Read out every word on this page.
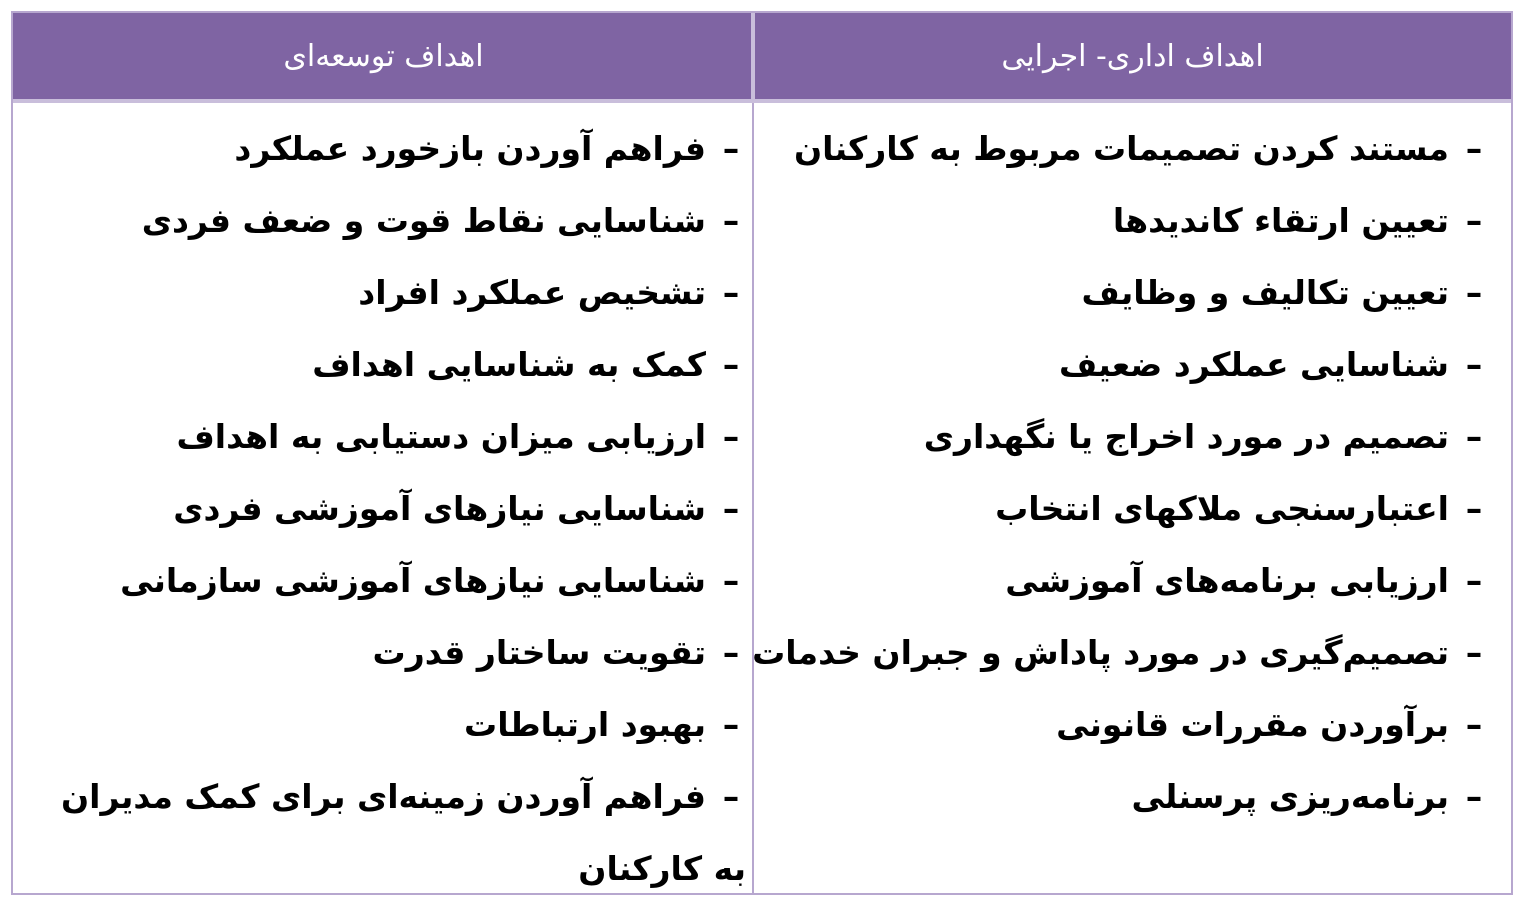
اهداف توسعه‌ای	اهداف اداری- اجرایی
–مستند کردن تصمیمات مربوط به کارکنان
–تعیین ارتقاء کاندیدها
–تعیین تکالیف و وظایف
–شناسایی عملکرد ضعیف
–تصمیم در مورد اخراج یا نگهداری
–اعتبارسنجی ملاکهای انتخاب
–ارزیابی برنامه‌های آموزشی
–تصمیم‌گیری در مورد پاداش و جبران خدمات
–برآوردن مقررات قانونی
–برنامه‌ریزی پرسنلی
–فراهم آوردن بازخورد عملکرد
–شناسایی نقاط قوت و ضعف فردی
–تشخیص عملکرد افراد
–کمک به شناسایی اهداف
–ارزیابی میزان دستیابی به اهداف
–شناسایی نیازهای آموزشی فردی
–شناسایی نیازهای آموزشی سازمانی
–تقویت ساختار قدرت
–بهبود ارتباطات
–فراهم آوردن زمینه‌ای برای کمک مدیران به کارکنان
